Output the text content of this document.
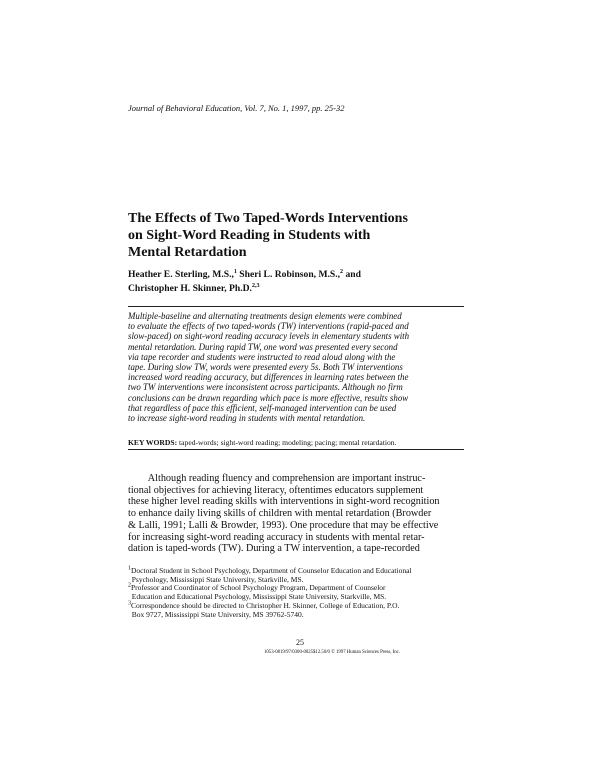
Journal of Behavioral Education, Vol. 7, No. 1, 1997, pp. 25-32
The Effects of Two Taped-Words Interventions
on Sight-Word Reading in Students with
Mental Retardation
Heather E. Sterling, M.S.,$^1$ Sheri L. Robinson, M.S.,$^2$ and
Christopher H. Skinner, Ph.D.$^{2,3}$
Multiple-baseline and alternating treatments design elements were combined
to evaluate the effects of two taped-words (TW) interventions (rapid-paced and
slow-paced) on sight-word reading accuracy levels in elementary students with
mental retardation. During rapid TW, one word was presented every second
via tape recorder and students were instructed to read aloud along with the
tape. During slow TW, words were presented every 5s. Both TW interventions
increased word reading accuracy, but differences in learning rates between the
two TW interventions were inconsistent across participants. Although no firm
conclusions can be drawn regarding which pace is more effective, results show
that regardless of pace this efficient, self-managed intervention can be used
to increase sight-word reading in students with mental retardation.
KEY WORDS: taped-words; sight-word reading; modeling; pacing; mental retardation.
Although reading fluency and comprehension are important instruc-
tional objectives for achieving literacy, oftentimes educators supplement
these higher level reading skills with interventions in sight-word recognition
to enhance daily living skills of children with mental retardation (Browder
& Lalli, 1991; Lalli & Browder, 1993). One procedure that may be effective
for increasing sight-word reading accuracy in students with mental retar-
dation is taped-words (TW). During a TW intervention, a tape-recorded
$^1$Doctoral Student in School Psychology, Department of Counselor Education and Educational
Psychology, Mississippi State University, Starkville, MS.
$^2$Professor and Coordinator of School Psychology Program, Department of Counselor
Education and Educational Psychology, Mississippi State University, Starkville, MS.
$^3$Correspondence should be directed to Christopher H. Skinner, College of Education, P.O.
Box 9727, Mississippi State University, MS 39762-5740.
25
1053-0819/97/0300-0025$12.50/0 © 1997 Human Sciences Press, Inc.
